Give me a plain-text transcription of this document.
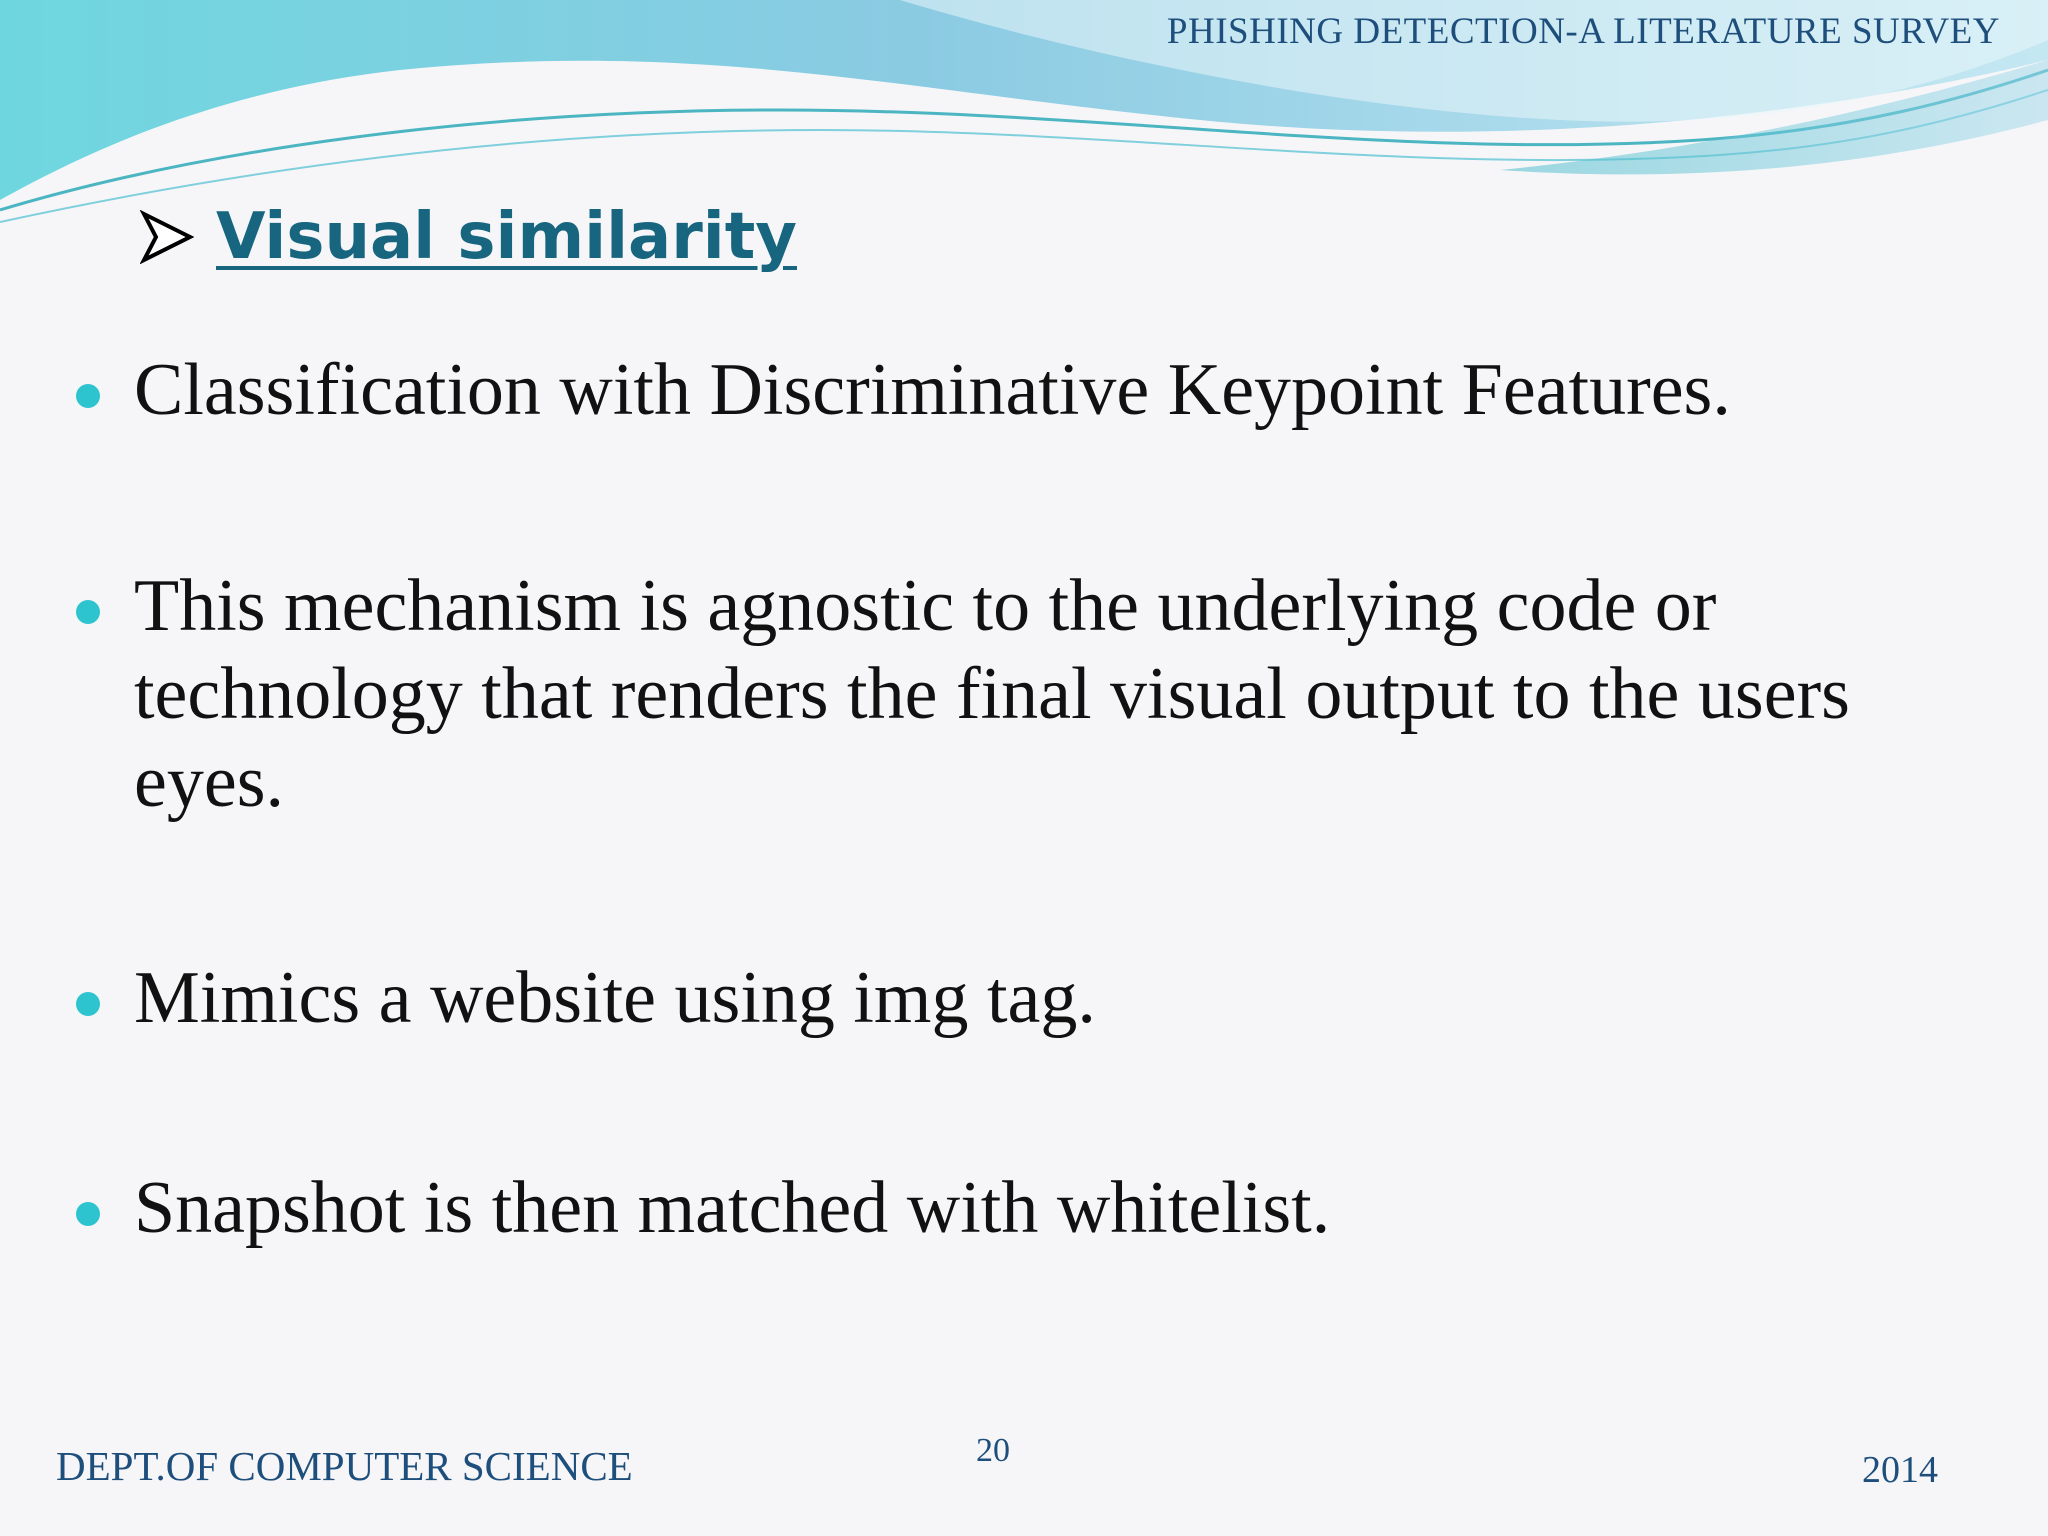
PHISHING DETECTION-A LITERATURE SURVEY
Visual similarity
Classification with Discriminative Keypoint Features.
This mechanism is agnostic to the underlying code or technology that renders the final visual output to the users eyes.
Mimics a website using img tag.
Snapshot is then matched with whitelist.
DEPT.OF COMPUTER SCIENCE	20	2014
